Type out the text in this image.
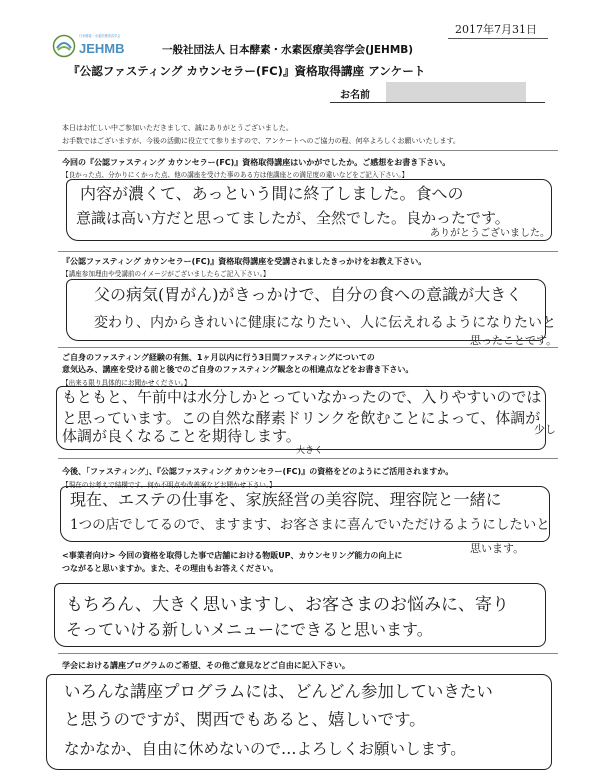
2017年7月31日
日本酵素・水素医療美容学会
JEHMB	一般社団法人 日本酵素・水素医療美容学会(JEHMB)
『公認ファスティング カウンセラー(FC)』資格取得講座 アンケート
お名前
本日はお忙しい中ご参加いただきまして、誠にありがとうございました。
お手数ではございますが、今後の活動に役立てて参りますので、アンケートへのご協力の程、何卒よろしくお願いいたします。
今回の『公認ファスティング カウンセラー(FC)』資格取得講座はいかがでしたか。ご感想をお書き下さい。
【良かった点、分かりにくかった点、他の講座を受けた事のある方は他講座との満足度の違いなどをご記入下さい。】
内容が濃くて、あっという間に終了しました。食への
意識は高い方だと思ってましたが、全然でした。良かったです。
ありがとうございました。
『公認ファスティング カウンセラー(FC)』資格取得講座を受講されましたきっかけをお教え下さい。
【講座参加理由や受講前のイメージがございましたらご記入下さい。】
父の病気(胃がん)がきっかけで、自分の食への意識が大きく
変わり、内からきれいに健康になりたい、人に伝えれるようになりたいと
思ったことです。
ご自身のファスティング経験の有無、1ヶ月以内に行う3日間ファスティングについての
意気込み、講座を受ける前と後でのご自身のファスティング観念との相違点などをお書き下さい。
【出来る限り具体的にお聞かせください。】
もともと、午前中は水分しかとっていなかったので、入りやすいのでは
と思っています。この自然な酵素ドリンクを飲むことによって、体調が
体調が良くなることを期待します。	少し
大きく
今後、「ファスティング」、『公認ファスティング カウンセラー(FC)』の資格をどのようにご活用されますか。
【現在のお考えで結構です。何か不明点や改善案などお聞かせ下さい。】
現在、エステの仕事を、家族経営の美容院、理容院と一緒に
1つの店でしてるので、ますます、お客さまに喜んでいただけるようにしたいと
思います。
<事業者向け> 今回の資格を取得した事で店舗における物販UP、カウンセリング能力の向上に
つながると思いますか。また、その理由もお答えください。
もちろん、大きく思いますし、お客さまのお悩みに、寄り
そっていける新しいメニューにできると思います。
学会における講座プログラムのご希望、その他ご意見などご自由に記入下さい。
いろんな講座プログラムには、どんどん参加していきたい
と思うのですが、関西でもあると、嬉しいです。
なかなか、自由に休めないので…よろしくお願いします。
